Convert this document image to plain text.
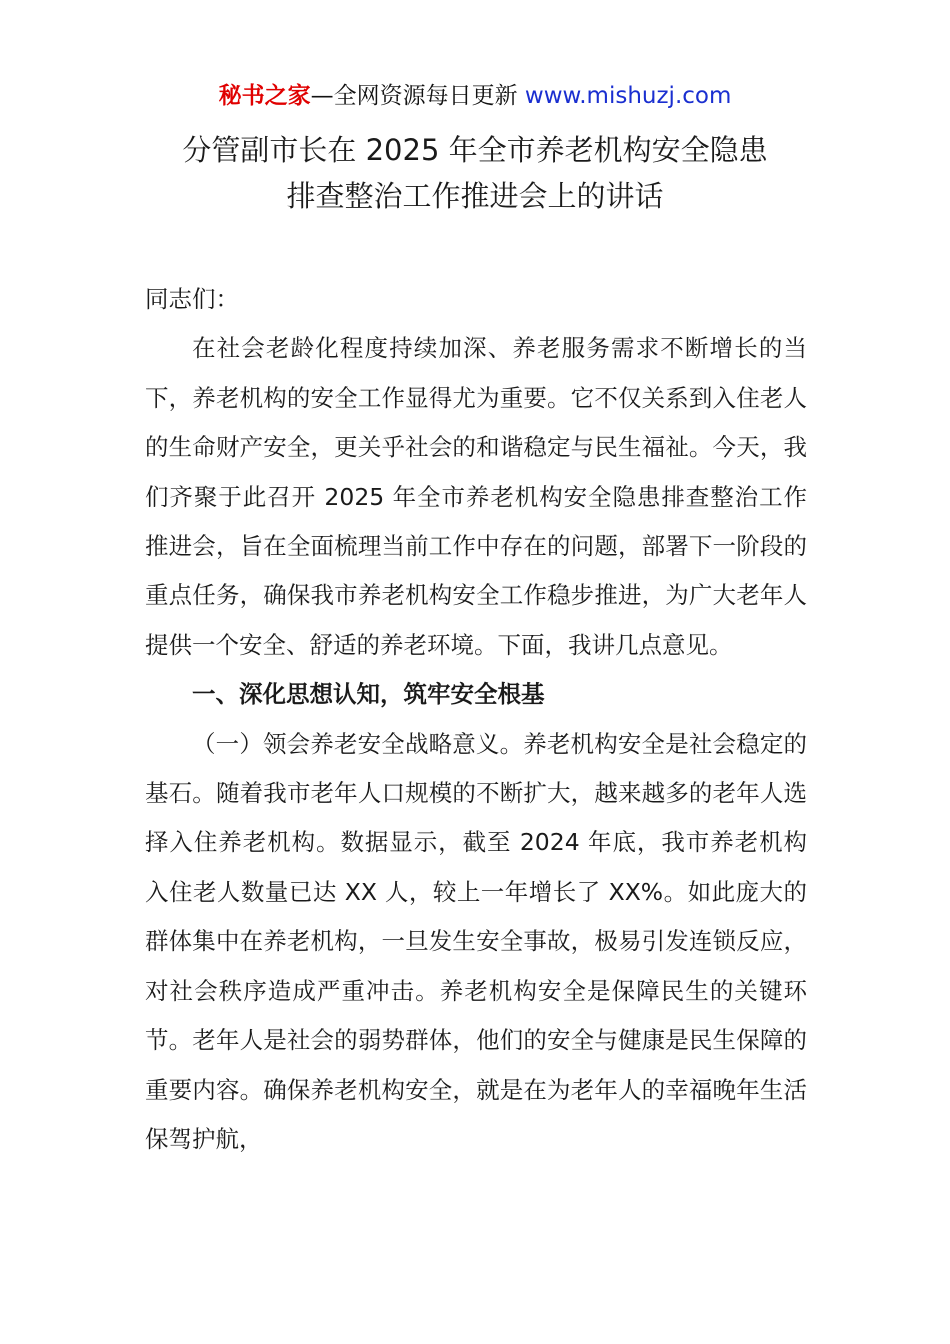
秘书之家—全网资源每日更新 www.mishuzj.com
分管副市长在 2025 年全市养老机构安全隐患
排查整治工作推进会上的讲话

同志们：

在社会老龄化程度持续加深、养老服务需求不断增长的当下，养老机构的安全工作显得尤为重要。它不仅关系到入住老人的生命财产安全，更关乎社会的和谐稳定与民生福祉。今天，我们齐聚于此召开 2025 年全市养老机构安全隐患排查整治工作推进会，旨在全面梳理当前工作中存在的问题，部署下一阶段的重点任务，确保我市养老机构安全工作稳步推进，为广大老年人提供一个安全、舒适的养老环境。下面，我讲几点意见。

一、深化思想认知，筑牢安全根基

（一）领会养老安全战略意义。养老机构安全是社会稳定的基石。随着我市老年人口规模的不断扩大，越来越多的老年人选择入住养老机构。数据显示，截至 2024 年底，我市养老机构入住老人数量已达 XX 人，较上一年增长了 XX%。如此庞大的群体集中在养老机构，一旦发生安全事故，极易引发连锁反应，对社会秩序造成严重冲击。养老机构安全是保障民生的关键环节。老年人是社会的弱势群体，他们的安全与健康是民生保障的重要内容。确保养老机构安全，就是在为老年人的幸福晚年生活保驾护航，
